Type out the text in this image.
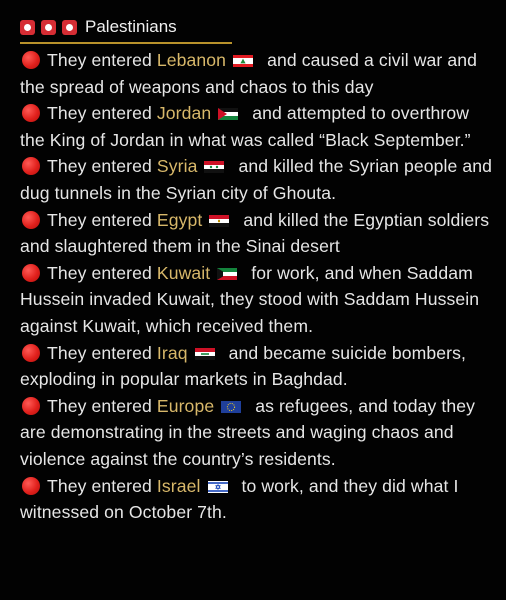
Palestinians
They entered Lebanon
and caused a civil war and the spread of weapons and chaos to this day
They entered Jordan
and attempted to overthrow the King of Jordan in what was called “Black September.”
They entered Syria
and killed the Syrian people and dug tunnels in the Syrian city of Ghouta.
They entered Egypt
and killed the Egyptian soldiers and slaughtered them in the Sinai desert
They entered Kuwait
for work, and when Saddam Hussein invaded Kuwait, they stood with Saddam Hussein against Kuwait, which received them.
They entered Iraq
and became suicide bombers, exploding in popular markets in Baghdad.
They entered Europe
as refugees, and today they are demonstrating in the streets and waging chaos and violence against the country’s residents.
They entered Israel
to work, and they did what I witnessed on October 7th.
